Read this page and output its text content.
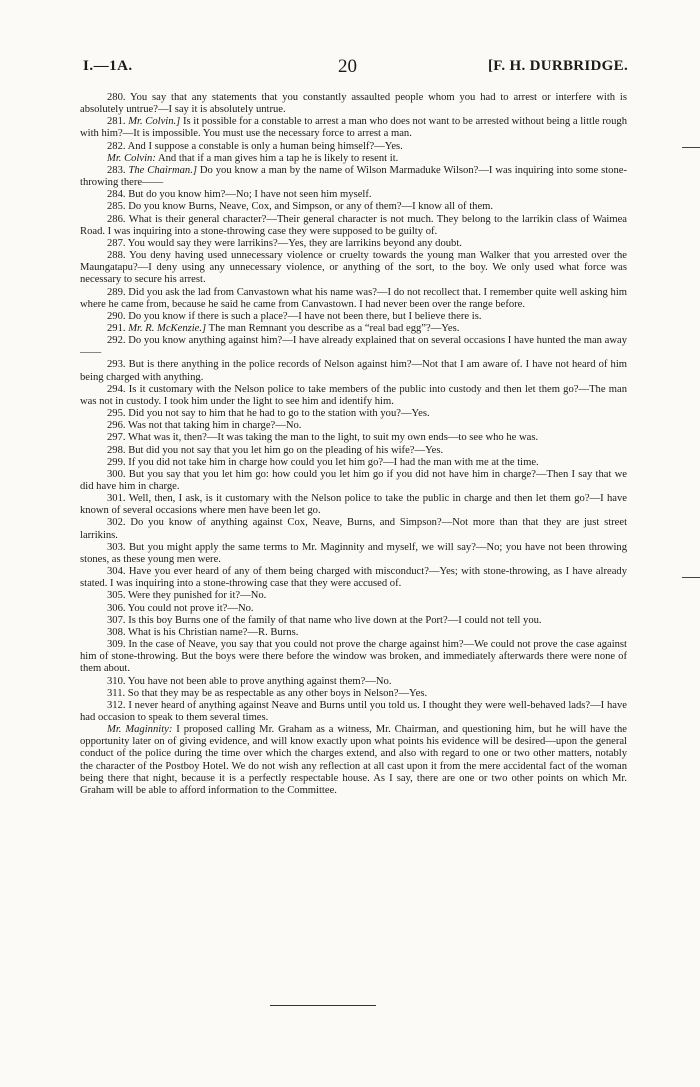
I.—1A.	20	[F. H. DURBRIDGE.

280. You say that any statements that you constantly assaulted people whom you had to arrest or interfere with is absolutely untrue?—I say it is absolutely untrue.

281. Mr. Colvin.] Is it possible for a constable to arrest a man who does not want to be arrested without being a little rough with him?—It is impossible. You must use the necessary force to arrest a man.

282. And I suppose a constable is only a human being himself?—Yes.

Mr. Colvin: And that if a man gives him a tap he is likely to resent it.

283. The Chairman.] Do you know a man by the name of Wilson Marmaduke Wilson?—I was inquiring into some stone-throwing there——

284. But do you know him?—No; I have not seen him myself.

285. Do you know Burns, Neave, Cox, and Simpson, or any of them?—I know all of them.

286. What is their general character?—Their general character is not much. They belong to the larrikin class of Waimea Road. I was inquiring into a stone-throwing case they were supposed to be guilty of.

287. You would say they were larrikins?—Yes, they are larrikins beyond any doubt.

288. You deny having used unnecessary violence or cruelty towards the young man Walker that you arrested over the Maungatapu?—I deny using any unnecessary violence, or anything of the sort, to the boy. We only used what force was necessary to secure his arrest.

289. Did you ask the lad from Canvastown what his name was?—I do not recollect that. I remember quite well asking him where he came from, because he said he came from Canvastown. I had never been over the range before.

290. Do you know if there is such a place?—I have not been there, but I believe there is.

291. Mr. R. McKenzie.] The man Remnant you describe as a “real bad egg”?—Yes.

292. Do you know anything against him?—I have already explained that on several occasions I have hunted the man away——

293. But is there anything in the police records of Nelson against him?—Not that I am aware of. I have not heard of him being charged with anything.

294. Is it customary with the Nelson police to take members of the public into custody and then let them go?—The man was not in custody. I took him under the light to see him and identify him.

295. Did you not say to him that he had to go to the station with you?—Yes.

296. Was not that taking him in charge?—No.

297. What was it, then?—It was taking the man to the light, to suit my own ends—to see who he was.

298. But did you not say that you let him go on the pleading of his wife?—Yes.

299. If you did not take him in charge how could you let him go?—I had the man with me at the time.

300. But you say that you let him go: how could you let him go if you did not have him in charge?—Then I say that we did have him in charge.

301. Well, then, I ask, is it customary with the Nelson police to take the public in charge and then let them go?—I have known of several occasions where men have been let go.

302. Do you know of anything against Cox, Neave, Burns, and Simpson?—Not more than that they are just street larrikins.

303. But you might apply the same terms to Mr. Maginnity and myself, we will say?—No; you have not been throwing stones, as these young men were.

304. Have you ever heard of any of them being charged with misconduct?—Yes; with stone-throwing, as I have already stated. I was inquiring into a stone-throwing case that they were accused of.

305. Were they punished for it?—No.

306. You could not prove it?—No.

307. Is this boy Burns one of the family of that name who live down at the Port?—I could not tell you.

308. What is his Christian name?—R. Burns.

309. In the case of Neave, you say that you could not prove the charge against him?—We could not prove the case against him of stone-throwing. But the boys were there before the window was broken, and immediately afterwards there were none of them about.

310. You have not been able to prove anything against them?—No.

311. So that they may be as respectable as any other boys in Nelson?—Yes.

312. I never heard of anything against Neave and Burns until you told us. I thought they were well-behaved lads?—I have had occasion to speak to them several times.

Mr. Maginnity: I proposed calling Mr. Graham as a witness, Mr. Chairman, and questioning him, but he will have the opportunity later on of giving evidence, and will know exactly upon what points his evidence will be desired—upon the general conduct of the police during the time over which the charges extend, and also with regard to one or two other matters, notably the character of the Postboy Hotel. We do not wish any reflection at all cast upon it from the mere accidental fact of the woman being there that night, because it is a perfectly respectable house. As I say, there are one or two other points on which Mr. Graham will be able to afford information to the Committee.
